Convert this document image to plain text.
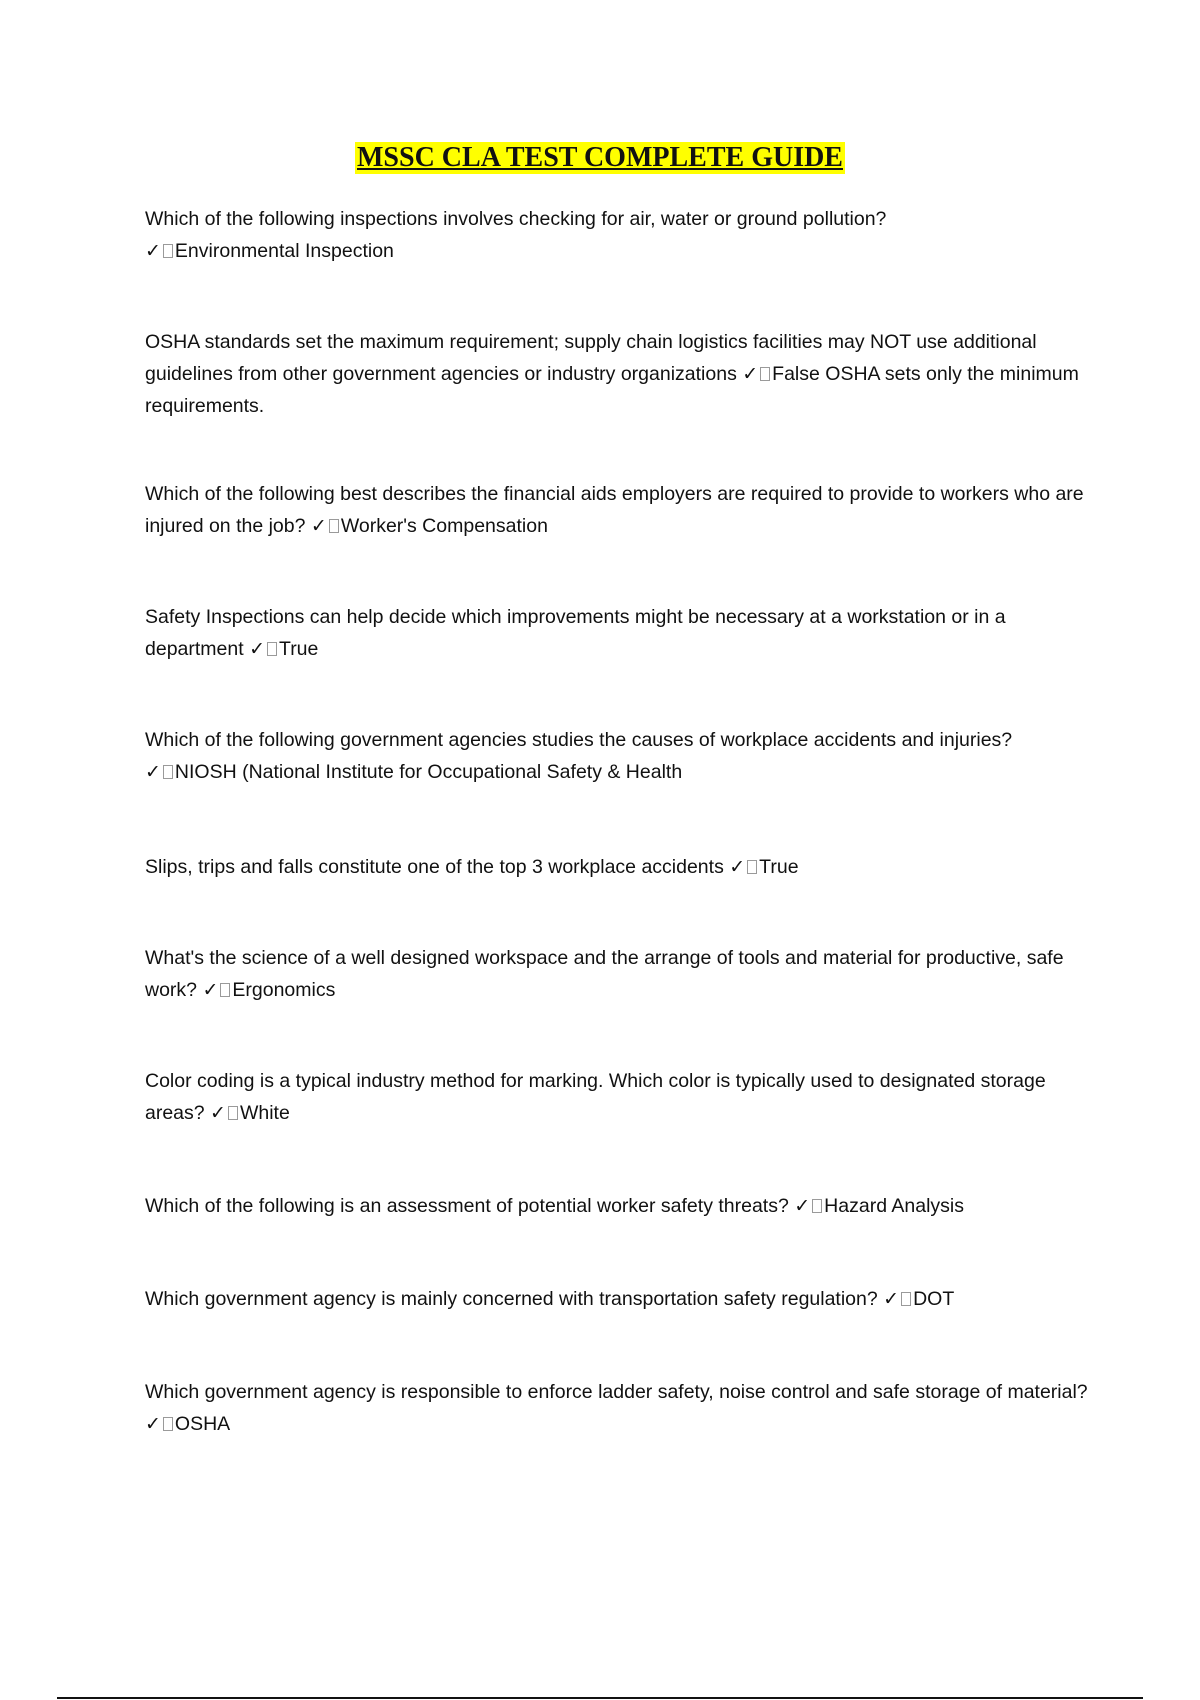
MSSC CLA TEST COMPLETE GUIDE
Which of the following inspections involves checking for air, water or ground pollution?
✓ Environmental Inspection
OSHA standards set the maximum requirement; supply chain logistics facilities may NOT use additional guidelines from other government agencies or industry organizations ✓ False OSHA sets only the minimum requirements.
Which of the following best describes the financial aids employers are required to provide to workers who are injured on the job? ✓ Worker's Compensation
Safety Inspections can help decide which improvements might be necessary at a workstation or in a department ✓ True
Which of the following government agencies studies the causes of workplace accidents and injuries?
✓ NIOSH (National Institute for Occupational Safety & Health
Slips, trips and falls constitute one of the top 3 workplace accidents ✓ True
What's the science of a well designed workspace and the arrange of tools and material for productive, safe work? ✓ Ergonomics
Color coding is a typical industry method for marking. Which color is typically used to designated storage areas? ✓ White
Which of the following is an assessment of potential worker safety threats? ✓ Hazard Analysis
Which government agency is mainly concerned with transportation safety regulation? ✓ DOT
Which government agency is responsible to enforce ladder safety, noise control and safe storage of material? ✓ OSHA
